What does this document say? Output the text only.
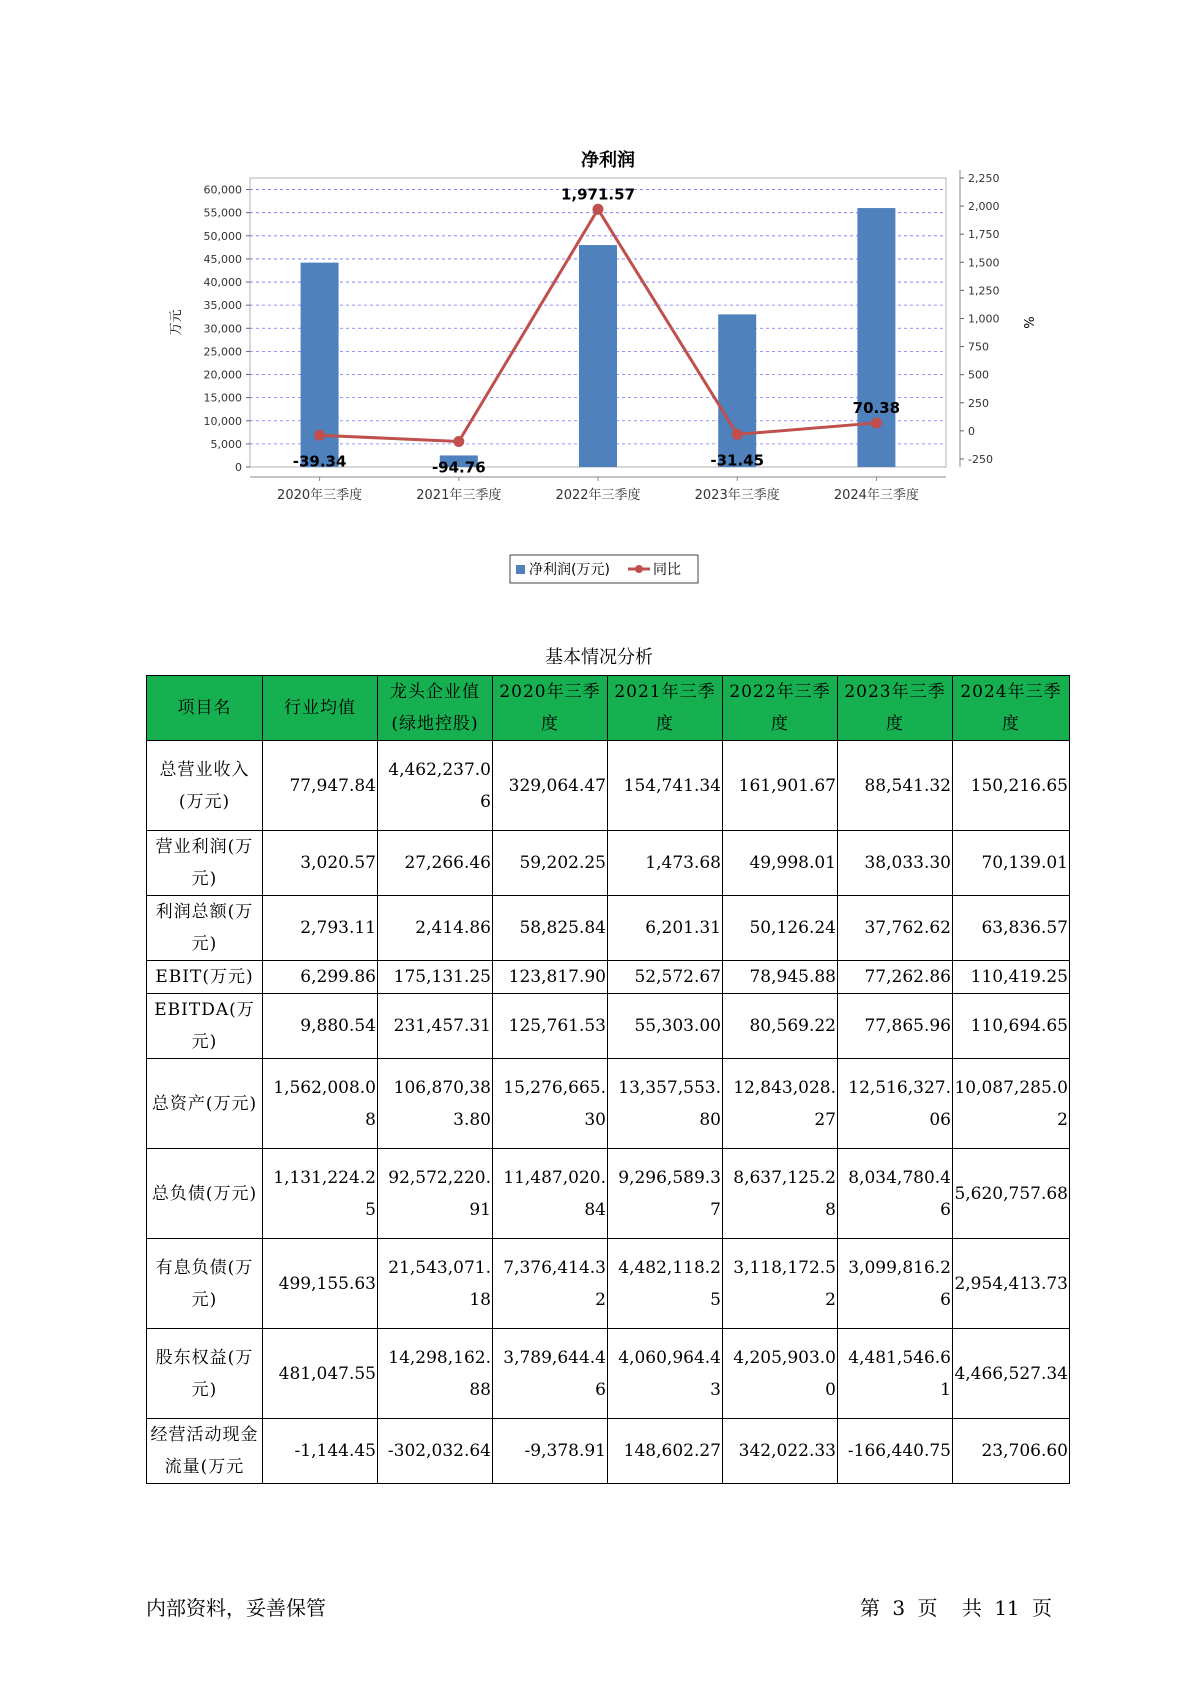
0
5,000
10,000
15,000
20,000
25,000
30,000
35,000
40,000
45,000
50,000
55,000
60,000
-250
0
250
500
750
1,000
1,250
1,500
1,750
2,000
2,250
万元	%
净利润
2020年三季度	2021年三季度	2022年三季度	2023年三季度	2024年三季度
-39.34	-94.76
1,971.57
-31.45
70.38
净利润(万元)	同比
基本情况分析
项目名	行业均值	龙头企业值(绿地控股)	2020年三季度	2021年三季度	2022年三季度	2023年三季度	2024年三季度
总营业收入(万元)	77,947.84	4,462,237.06	329,064.47	154,741.34	161,901.67	88,541.32	150,216.65
营业利润(万元)	3,020.57	27,266.46	59,202.25	1,473.68	49,998.01	38,033.30	70,139.01
利润总额(万元)	2,793.11	2,414.86	58,825.84	6,201.31	50,126.24	37,762.62	63,836.57
EBIT(万元)	6,299.86	175,131.25	123,817.90	52,572.67	78,945.88	77,262.86	110,419.25
EBITDA(万元)	9,880.54	231,457.31	125,761.53	55,303.00	80,569.22	77,865.96	110,694.65
总资产(万元)	1,562,008.08	106,870,383.80	15,276,665.30	13,357,553.80	12,843,028.27	12,516,327.06	10,087,285.02
总负债(万元)	1,131,224.25	92,572,220.91	11,487,020.84	9,296,589.37	8,637,125.28	8,034,780.46	5,620,757.68
有息负债(万元)	499,155.63	21,543,071.18	7,376,414.32	4,482,118.25	3,118,172.52	3,099,816.26	2,954,413.73
股东权益(万元)	481,047.55	14,298,162.88	3,789,644.46	4,060,964.43	4,205,903.00	4,481,546.61	4,466,527.34
经营活动现金流量(万元	-1,144.45	-302,032.64	-9,378.91	148,602.27	342,022.33	-166,440.75	23,706.60
内部资料，妥善保管	第 3 页 共 11 页
